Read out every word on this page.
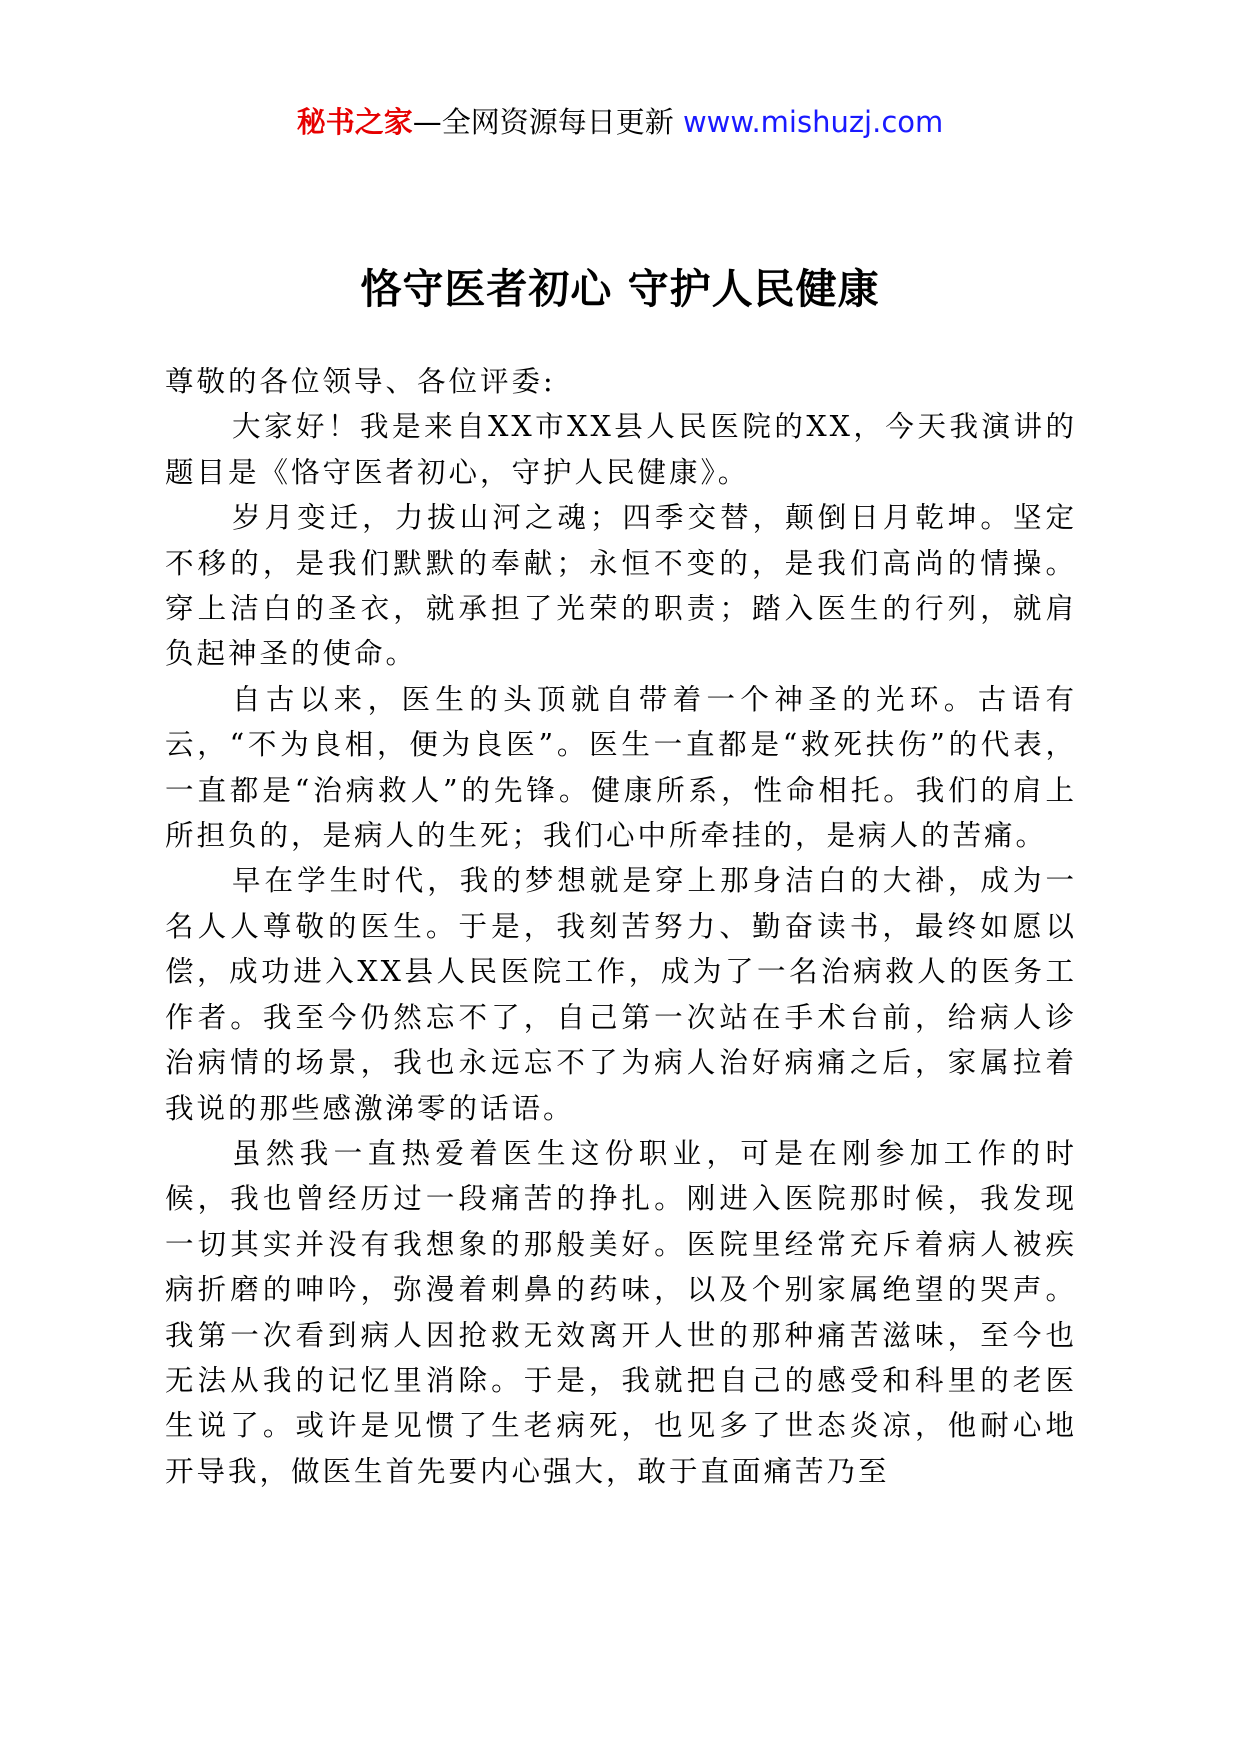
秘书之家—全网资源每日更新 www.mishuzj.com
恪守医者初心 守护人民健康

尊敬的各位领导、各位评委:

大家好！我是来自XX市XX县人民医院的XX，今天我演讲的题目是《恪守医者初心，守护人民健康》。

岁月变迁，力拔山河之魂；四季交替，颠倒日月乾坤。坚定不移的，是我们默默的奉献；永恒不变的，是我们高尚的情操。穿上洁白的圣衣，就承担了光荣的职责；踏入医生的行列，就肩负起神圣的使命。

自古以来，医生的头顶就自带着一个神圣的光环。古语有云，“不为良相，便为良医”。医生一直都是“救死扶伤”的代表，一直都是“治病救人”的先锋。健康所系，性命相托。我们的肩上所担负的，是病人的生死；我们心中所牵挂的，是病人的苦痛。

早在学生时代，我的梦想就是穿上那身洁白的大褂，成为一名人人尊敬的医生。于是，我刻苦努力、勤奋读书，最终如愿以偿，成功进入XX县人民医院工作，成为了一名治病救人的医务工作者。我至今仍然忘不了，自己第一次站在手术台前，给病人诊治病情的场景，我也永远忘不了为病人治好病痛之后，家属拉着我说的那些感激涕零的话语。

虽然我一直热爱着医生这份职业，可是在刚参加工作的时候，我也曾经历过一段痛苦的挣扎。刚进入医院那时候，我发现一切其实并没有我想象的那般美好。医院里经常充斥着病人被疾病折磨的呻吟，弥漫着刺鼻的药味，以及个别家属绝望的哭声。我第一次看到病人因抢救无效离开人世的那种痛苦滋味，至今也无法从我的记忆里消除。于是，我就把自己的感受和科里的老医生说了。或许是见惯了生老病死，也见多了世态炎凉，他耐心地开导我，做医生首先要内心强大，敢于直面痛苦乃至
